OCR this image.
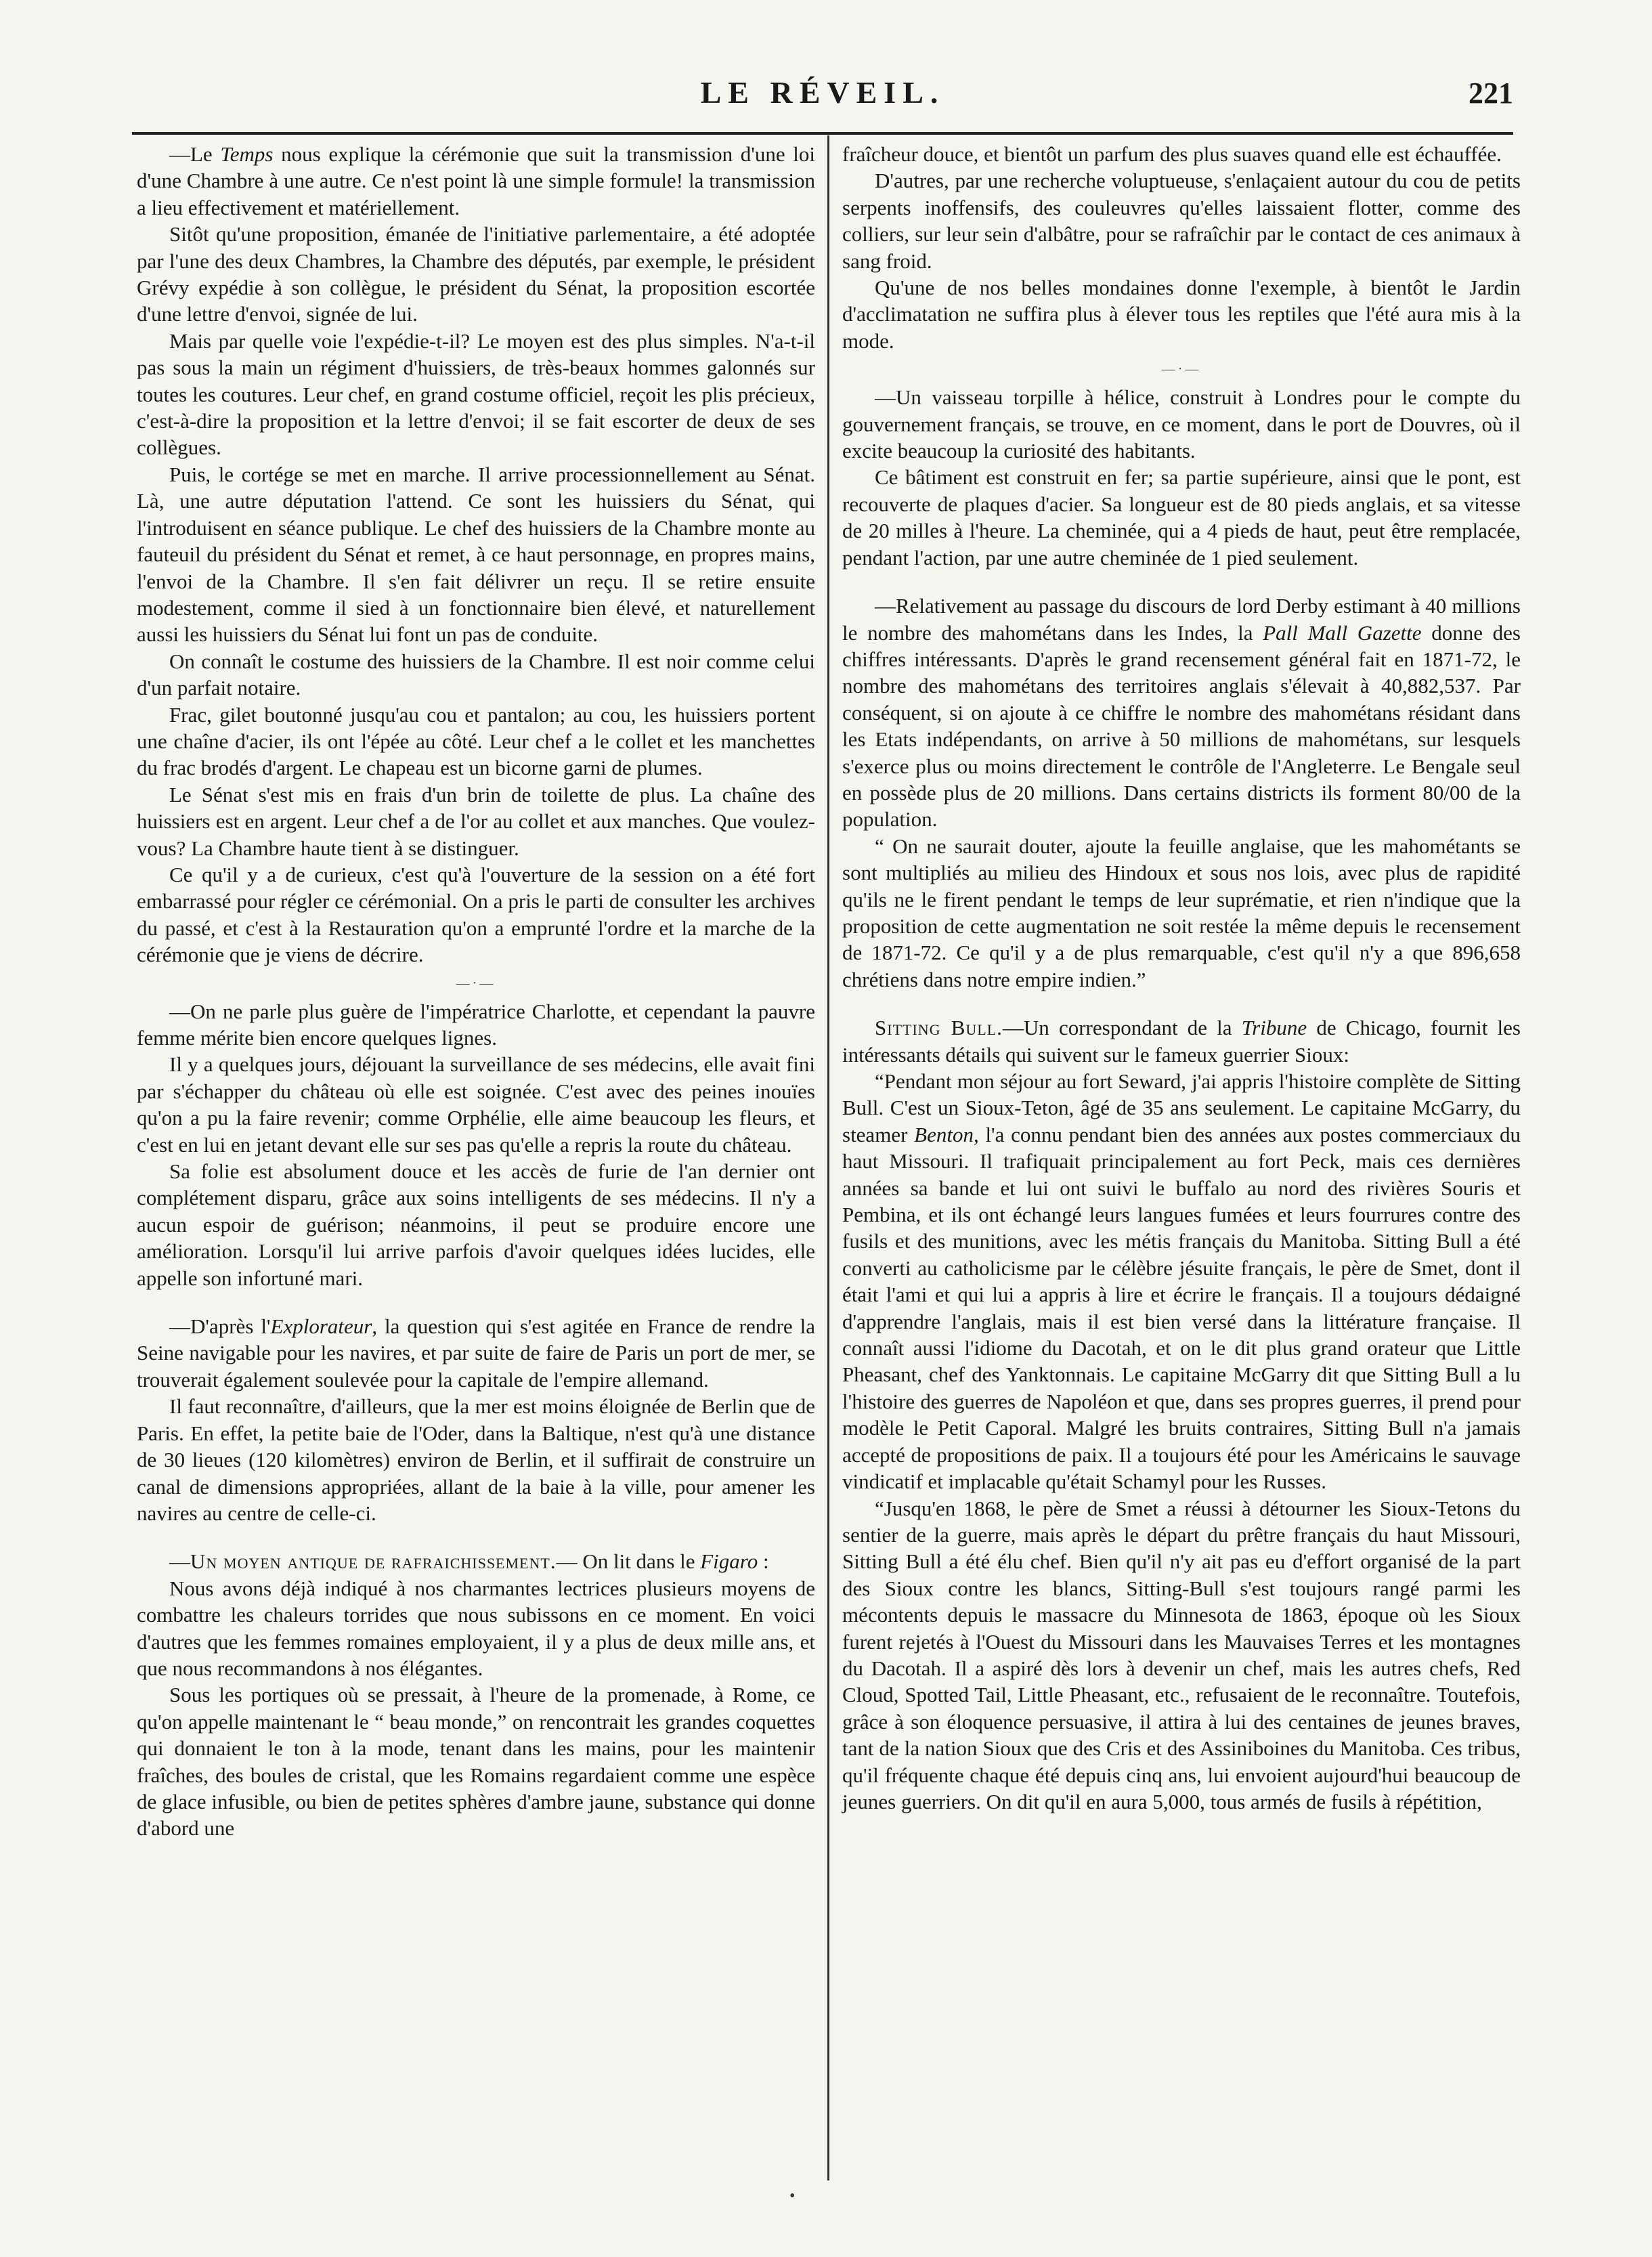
LE RÉVEIL.	221

—Le Temps nous explique la cérémonie que suit la transmission d'une loi d'une Chambre à une autre. Ce n'est point là une simple formule! la transmission a lieu effectivement et matériellement.

Sitôt qu'une proposition, émanée de l'initiative parlementaire, a été adoptée par l'une des deux Chambres, la Chambre des députés, par exemple, le président Grévy expédie à son collègue, le président du Sénat, la proposition escortée d'une lettre d'envoi, signée de lui.

Mais par quelle voie l'expédie-t-il? Le moyen est des plus simples. N'a-t-il pas sous la main un régiment d'huissiers, de très-beaux hommes galonnés sur toutes les coutures. Leur chef, en grand costume officiel, reçoit les plis précieux, c'est-à-dire la proposition et la lettre d'envoi; il se fait escorter de deux de ses collègues.

Puis, le cortége se met en marche. Il arrive processionnellement au Sénat. Là, une autre députation l'attend. Ce sont les huissiers du Sénat, qui l'introduisent en séance publique. Le chef des huissiers de la Chambre monte au fauteuil du président du Sénat et remet, à ce haut personnage, en propres mains, l'envoi de la Chambre. Il s'en fait délivrer un reçu. Il se retire ensuite modestement, comme il sied à un fonctionnaire bien élevé, et naturellement aussi les huissiers du Sénat lui font un pas de conduite.

On connaît le costume des huissiers de la Chambre. Il est noir comme celui d'un parfait notaire.

Frac, gilet boutonné jusqu'au cou et pantalon; au cou, les huissiers portent une chaîne d'acier, ils ont l'épée au côté. Leur chef a le collet et les manchettes du frac brodés d'argent. Le chapeau est un bicorne garni de plumes.

Le Sénat s'est mis en frais d'un brin de toilette de plus. La chaîne des huissiers est en argent. Leur chef a de l'or au collet et aux manches. Que voulez-vous? La Chambre haute tient à se distinguer.

Ce qu'il y a de curieux, c'est qu'à l'ouverture de la session on a été fort embarrassé pour régler ce cérémonial. On a pris le parti de consulter les archives du passé, et c'est à la Restauration qu'on a emprunté l'ordre et la marche de la cérémonie que je viens de décrire.

—·—

—On ne parle plus guère de l'impératrice Charlotte, et cependant la pauvre femme mérite bien encore quelques lignes.

Il y a quelques jours, déjouant la surveillance de ses médecins, elle avait fini par s'échapper du château où elle est soignée. C'est avec des peines inouïes qu'on a pu la faire revenir; comme Orphélie, elle aime beaucoup les fleurs, et c'est en lui en jetant devant elle sur ses pas qu'elle a repris la route du château.

Sa folie est absolument douce et les accès de furie de l'an dernier ont complétement disparu, grâce aux soins intelligents de ses médecins. Il n'y a aucun espoir de guérison; néanmoins, il peut se produire encore une amélioration. Lorsqu'il lui arrive parfois d'avoir quelques idées lucides, elle appelle son infortuné mari.

—D'après l'Explorateur, la question qui s'est agitée en France de rendre la Seine navigable pour les navires, et par suite de faire de Paris un port de mer, se trouverait également soulevée pour la capitale de l'empire allemand.

Il faut reconnaître, d'ailleurs, que la mer est moins éloignée de Berlin que de Paris. En effet, la petite baie de l'Oder, dans la Baltique, n'est qu'à une distance de 30 lieues (120 kilomètres) environ de Berlin, et il suffirait de construire un canal de dimensions appropriées, allant de la baie à la ville, pour amener les navires au centre de celle-ci.

—Un moyen antique de rafraichissement.— On lit dans le Figaro :

Nous avons déjà indiqué à nos charmantes lectrices plusieurs moyens de combattre les chaleurs torrides que nous subissons en ce moment. En voici d'autres que les femmes romaines employaient, il y a plus de deux mille ans, et que nous recommandons à nos élégantes.

Sous les portiques où se pressait, à l'heure de la promenade, à Rome, ce qu'on appelle maintenant le “ beau monde,” on rencontrait les grandes coquettes qui donnaient le ton à la mode, tenant dans les mains, pour les maintenir fraîches, des boules de cristal, que les Romains regardaient comme une espèce de glace infusible, ou bien de petites sphères d'ambre jaune, substance qui donne d'abord une

fraîcheur douce, et bientôt un parfum des plus suaves quand elle est échauffée.

D'autres, par une recherche voluptueuse, s'enlaçaient autour du cou de petits serpents inoffensifs, des couleuvres qu'elles laissaient flotter, comme des colliers, sur leur sein d'albâtre, pour se rafraîchir par le contact de ces animaux à sang froid.

Qu'une de nos belles mondaines donne l'exemple, à bientôt le Jardin d'acclimatation ne suffira plus à élever tous les reptiles que l'été aura mis à la mode.

—·—

—Un vaisseau torpille à hélice, construit à Londres pour le compte du gouvernement français, se trouve, en ce moment, dans le port de Douvres, où il excite beaucoup la curiosité des habitants.

Ce bâtiment est construit en fer; sa partie supérieure, ainsi que le pont, est recouverte de plaques d'acier. Sa longueur est de 80 pieds anglais, et sa vitesse de 20 milles à l'heure. La cheminée, qui a 4 pieds de haut, peut être remplacée, pendant l'action, par une autre cheminée de 1 pied seulement.

—Relativement au passage du discours de lord Derby estimant à 40 millions le nombre des mahométans dans les Indes, la Pall Mall Gazette donne des chiffres intéressants. D'après le grand recensement général fait en 1871-72, le nombre des mahométans des territoires anglais s'élevait à 40,882,537. Par conséquent, si on ajoute à ce chiffre le nombre des mahométans résidant dans les Etats indépendants, on arrive à 50 millions de mahométans, sur lesquels s'exerce plus ou moins directement le contrôle de l'Angleterre. Le Bengale seul en possède plus de 20 millions. Dans certains districts ils forment 80/00 de la population.

“ On ne saurait douter, ajoute la feuille anglaise, que les mahométants se sont multipliés au milieu des Hindoux et sous nos lois, avec plus de rapidité qu'ils ne le firent pendant le temps de leur suprématie, et rien n'indique que la proposition de cette augmentation ne soit restée la même depuis le recensement de 1871-72. Ce qu'il y a de plus remarquable, c'est qu'il n'y a que 896,658 chrétiens dans notre empire indien.”

Sitting Bull.—Un correspondant de la Tribune de Chicago, fournit les intéressants détails qui suivent sur le fameux guerrier Sioux:

“Pendant mon séjour au fort Seward, j'ai appris l'histoire complète de Sitting Bull. C'est un Sioux-Teton, âgé de 35 ans seulement. Le capitaine McGarry, du steamer Benton, l'a connu pendant bien des années aux postes commerciaux du haut Missouri. Il trafiquait principalement au fort Peck, mais ces dernières années sa bande et lui ont suivi le buffalo au nord des rivières Souris et Pembina, et ils ont échangé leurs langues fumées et leurs fourrures contre des fusils et des munitions, avec les métis français du Manitoba. Sitting Bull a été converti au catholicisme par le célèbre jésuite français, le père de Smet, dont il était l'ami et qui lui a appris à lire et écrire le français. Il a toujours dédaigné d'apprendre l'anglais, mais il est bien versé dans la littérature française. Il connaît aussi l'idiome du Dacotah, et on le dit plus grand orateur que Little Pheasant, chef des Yanktonnais. Le capitaine McGarry dit que Sitting Bull a lu l'histoire des guerres de Napoléon et que, dans ses propres guerres, il prend pour modèle le Petit Caporal. Malgré les bruits contraires, Sitting Bull n'a jamais accepté de propositions de paix. Il a toujours été pour les Américains le sauvage vindicatif et implacable qu'était Schamyl pour les Russes.

“Jusqu'en 1868, le père de Smet a réussi à détourner les Sioux-Tetons du sentier de la guerre, mais après le départ du prêtre français du haut Missouri, Sitting Bull a été élu chef. Bien qu'il n'y ait pas eu d'effort organisé de la part des Sioux contre les blancs, Sitting-Bull s'est toujours rangé parmi les mécontents depuis le massacre du Minnesota de 1863, époque où les Sioux furent rejetés à l'Ouest du Missouri dans les Mauvaises Terres et les montagnes du Dacotah. Il a aspiré dès lors à devenir un chef, mais les autres chefs, Red Cloud, Spotted Tail, Little Pheasant, etc., refusaient de le reconnaître. Toutefois, grâce à son éloquence persuasive, il attira à lui des centaines de jeunes braves, tant de la nation Sioux que des Cris et des Assiniboines du Manitoba. Ces tribus, qu'il fréquente chaque été depuis cinq ans, lui envoient aujourd'hui beaucoup de jeunes guerriers. On dit qu'il en aura 5,000, tous armés de fusils à répétition,

•
